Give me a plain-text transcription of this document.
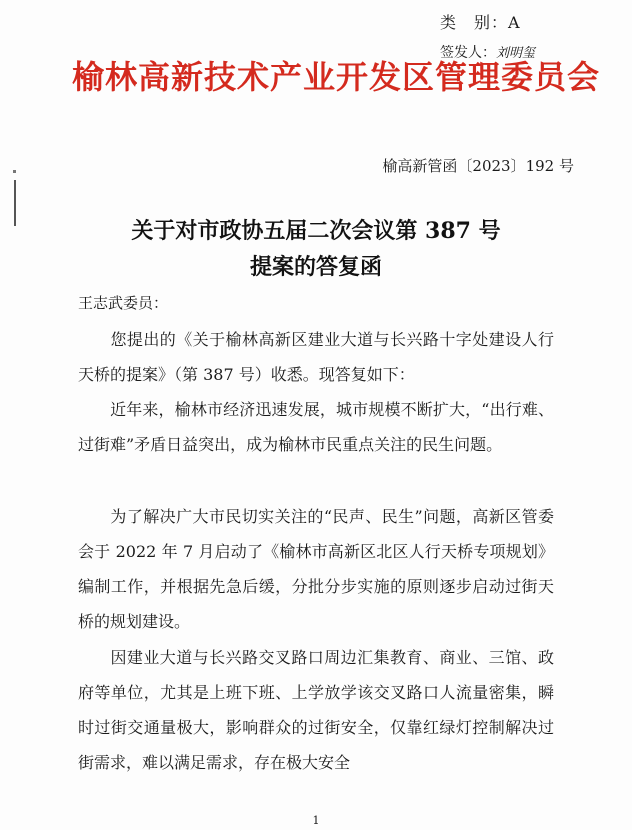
类　别：A
签发人：刘明玺
榆林高新技术产业开发区管理委员会
榆高新管函〔2023〕192 号
关于对市政协五届二次会议第 387 号
提案的答复函
王志武委员：
您提出的《关于榆林高新区建业大道与长兴路十字处建设人行天桥的提案》（第 387 号）收悉。现答复如下：
近年来，榆林市经济迅速发展，城市规模不断扩大，“出行难、过街难”矛盾日益突出，成为榆林市民重点关注的民生问题。
为了解决广大市民切实关注的“民声、民生”问题，高新区管委会于 2022 年 7 月启动了《榆林市高新区北区人行天桥专项规划》编制工作，并根据先急后缓，分批分步实施的原则逐步启动过街天桥的规划建设。
因建业大道与长兴路交叉路口周边汇集教育、商业、三馆、政府等单位，尤其是上班下班、上学放学该交叉路口人流量密集，瞬时过街交通量极大，影响群众的过街安全，仅靠红绿灯控制解决过街需求，难以满足需求，存在极大安全
1
